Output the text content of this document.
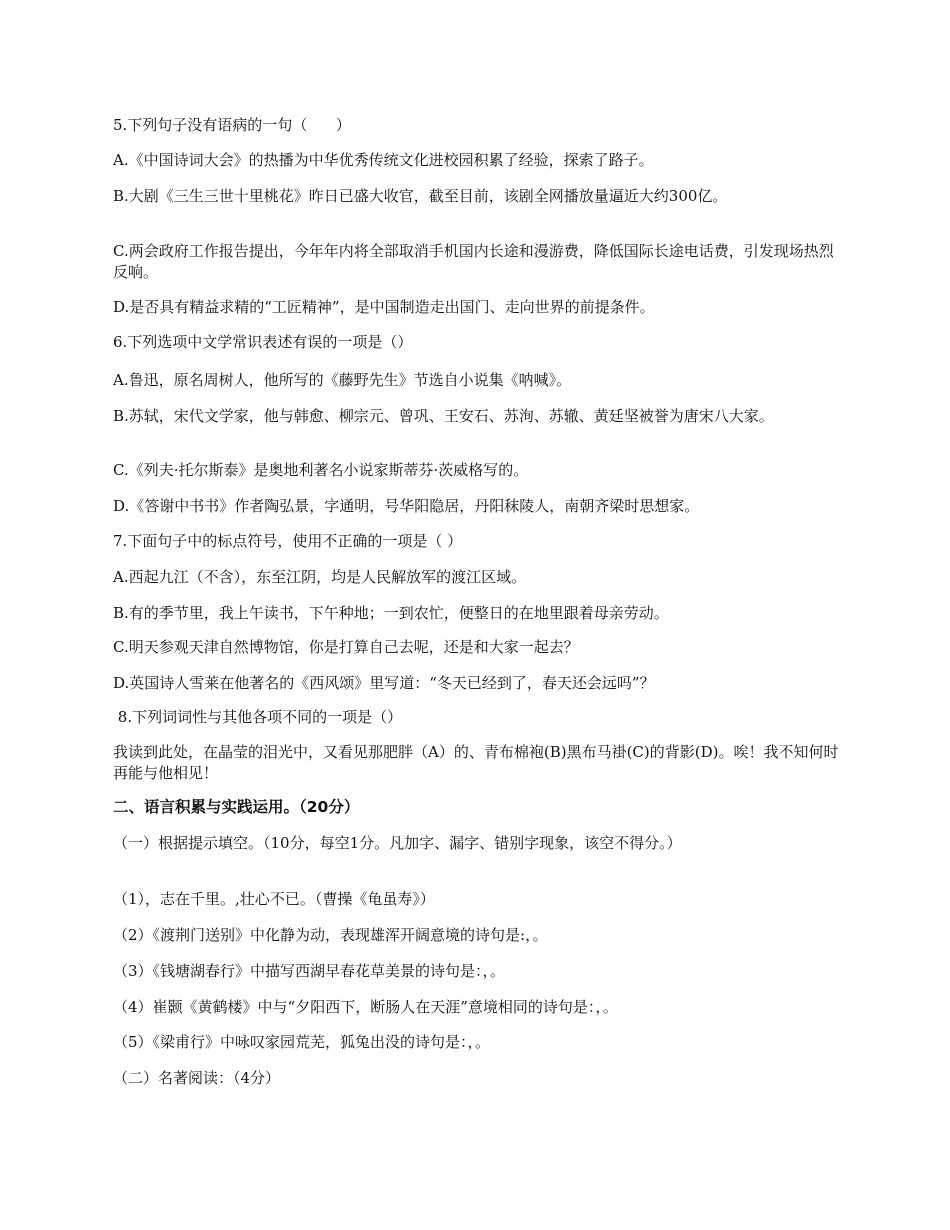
5.下列句子没有语病的一句（      ）
A.《中国诗词大会》的热播为中华优秀传统文化进校园积累了经验，探索了路子。
B.大剧《三生三世十里桃花》昨日已盛大收官，截至目前，该剧全网播放量逼近大约300亿。
C.两会政府工作报告提出，今年年内将全部取消手机国内长途和漫游费，降低国际长途电话费，引发现场热烈反响。
D.是否具有精益求精的“工匠精神”，是中国制造走出国门、走向世界的前提条件。
6.下列选项中文学常识表述有误的一项是（）
A.鲁迅，原名周树人，他所写的《藤野先生》节选自小说集《呐喊》。
B.苏轼，宋代文学家，他与韩愈、柳宗元、曾巩、王安石、苏洵、苏辙、黄廷坚被誉为唐宋八大家。
C.《列夫·托尔斯泰》是奥地利著名小说家斯蒂芬·茨威格写的。
D.《答谢中书书》作者陶弘景，字通明，号华阳隐居，丹阳秣陵人，南朝齐梁时思想家。
7.下面句子中的标点符号，使用不正确的一项是（ ）
A.西起九江（不含），东至江阴，均是人民解放军的渡江区域。
B.有的季节里，我上午读书，下午种地；一到农忙，便整日的在地里跟着母亲劳动。
C.明天参观天津自然博物馆，你是打算自己去呢，还是和大家一起去？
D.英国诗人雪莱在他著名的《西风颂》里写道：“冬天已经到了，春天还会远吗”？
8.下列词词性与其他各项不同的一项是（）
我读到此处，在晶莹的泪光中，又看见那肥胖（A）的、青布棉袍(B)黑布马褂(C)的背影(D)。唉！我不知何时再能与他相见！
二、语言积累与实践运用。（20分）
（一）根据提示填空。（10分，每空1分。凡加字、漏字、错别字现象，该空不得分。）
（1），志在千里。,壮心不已。（曹操《龟虽寿》）
（2）《渡荆门送别》中化静为动，表现雄浑开阔意境的诗句是:，。
（3）《钱塘湖春行》中描写西湖早春花草美景的诗句是：，。
（4）崔颢《黄鹤楼》中与“夕阳西下，断肠人在天涯”意境相同的诗句是：，。
（5）《梁甫行》中咏叹家园荒芜，狐兔出没的诗句是：，。
（二）名著阅读：（4分）
